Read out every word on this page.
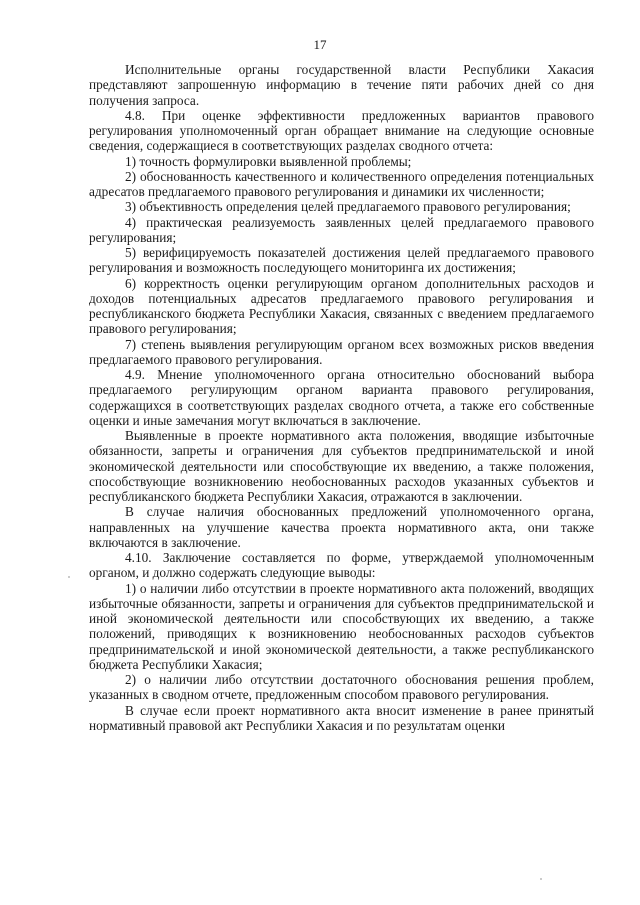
17

Исполнительные органы государственной власти Республики Хакасия представляют запрошенную информацию в течение пяти рабочих дней со дня получения запроса.

4.8. При оценке эффективности предложенных вариантов правового регулирования уполномоченный орган обращает внимание на следующие основные сведения, содержащиеся в соответствующих разделах сводного отчета:

1) точность формулировки выявленной проблемы;

2) обоснованность качественного и количественного определения потенциальных адресатов предлагаемого правового регулирования и динамики их численности;

3) объективность определения целей предлагаемого правового регулирования;

4) практическая реализуемость заявленных целей предлагаемого правового регулирования;

5) верифицируемость показателей достижения целей предлагаемого правового регулирования и возможность последующего мониторинга их достижения;

6) корректность оценки регулирующим органом дополнительных расходов и доходов потенциальных адресатов предлагаемого правового регулирования и республиканского бюджета Республики Хакасия, связанных с введением предлагаемого правового регулирования;

7) степень выявления регулирующим органом всех возможных рисков введения предлагаемого правового регулирования.

4.9. Мнение уполномоченного органа относительно обоснований выбора предлагаемого регулирующим органом варианта правового регулирования, содержащихся в соответствующих разделах сводного отчета, а также его собственные оценки и иные замечания могут включаться в заключение.

Выявленные в проекте нормативного акта положения, вводящие избыточные обязанности, запреты и ограничения для субъектов предпринимательской и иной экономической деятельности или способствующие их введению, а также положения, способствующие возникновению необоснованных расходов указанных субъектов и республиканского бюджета Республики Хакасия, отражаются в заключении.

В случае наличия обоснованных предложений уполномоченного органа, направленных на улучшение качества проекта нормативного акта, они также включаются в заключение.

4.10. Заключение составляется по форме, утверждаемой уполномоченным органом, и должно содержать следующие выводы:

1) о наличии либо отсутствии в проекте нормативного акта положений, вводящих избыточные обязанности, запреты и ограничения для субъектов предпринимательской и иной экономической деятельности или способствующих их введению, а также положений, приводящих к возникновению необоснованных расходов субъектов предпринимательской и иной экономической деятельности, а также республиканского бюджета Республики Хакасия;

2) о наличии либо отсутствии достаточного обоснования решения проблем, указанных в сводном отчете, предложенным способом правового регулирования.

В случае если проект нормативного акта вносит изменение в ранее принятый нормативный правовой акт Республики Хакасия и по результатам оценки
